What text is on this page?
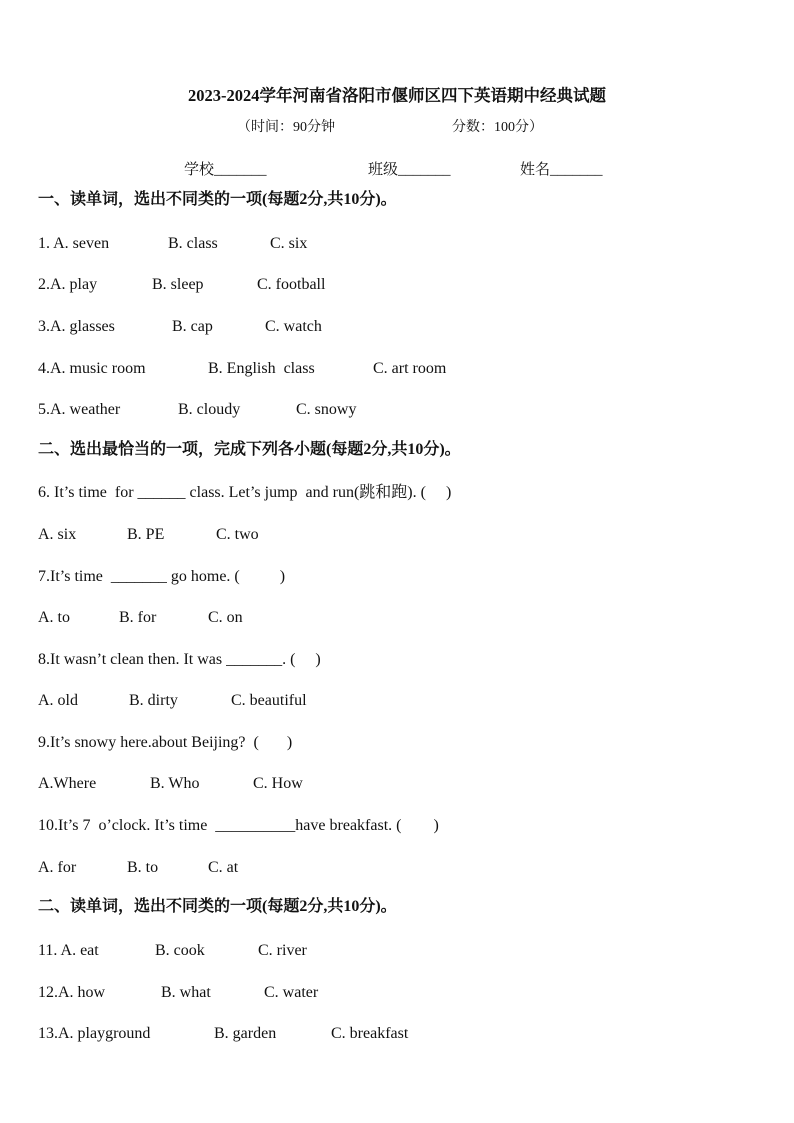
2023-2024学年河南省洛阳市偃师区四下英语期中经典试题
（时间：90分钟	分数：100分）
学校_______	班级_______	姓名_______
一、读单词，选出不同类的一项(每题2分,共10分)。
1. A. seven	B. class	C. six
2.A. play	B. sleep	C. football
3.A. glasses	B. cap	C. watch
4.A. music room	B. English  class	C. art room
5.A. weather	B. cloudy	C. snowy
二、选出最恰当的一项，完成下列各小题(每题2分,共10分)。
6. It’s time  for ______ class. Let’s jump  and run(跳和跑). (     )
A. six	B. PE	C. two
7.It’s time  _______ go home. (          )
A. to	B. for	C. on
8.It wasn’t clean then. It was _______. (     )
A. old	B. dirty	C. beautiful
9.It’s snowy here.about Beijing?  (       )
A.Where	B. Who	C. How
10.It’s 7  o’clock. It’s time  __________have breakfast. (        )
A. for	B. to	C. at
二、读单词，选出不同类的一项(每题2分,共10分)。
11. A. eat	B. cook	C. river
12.A. how	B. what	C. water
13.A. playground	B. garden	C. breakfast
